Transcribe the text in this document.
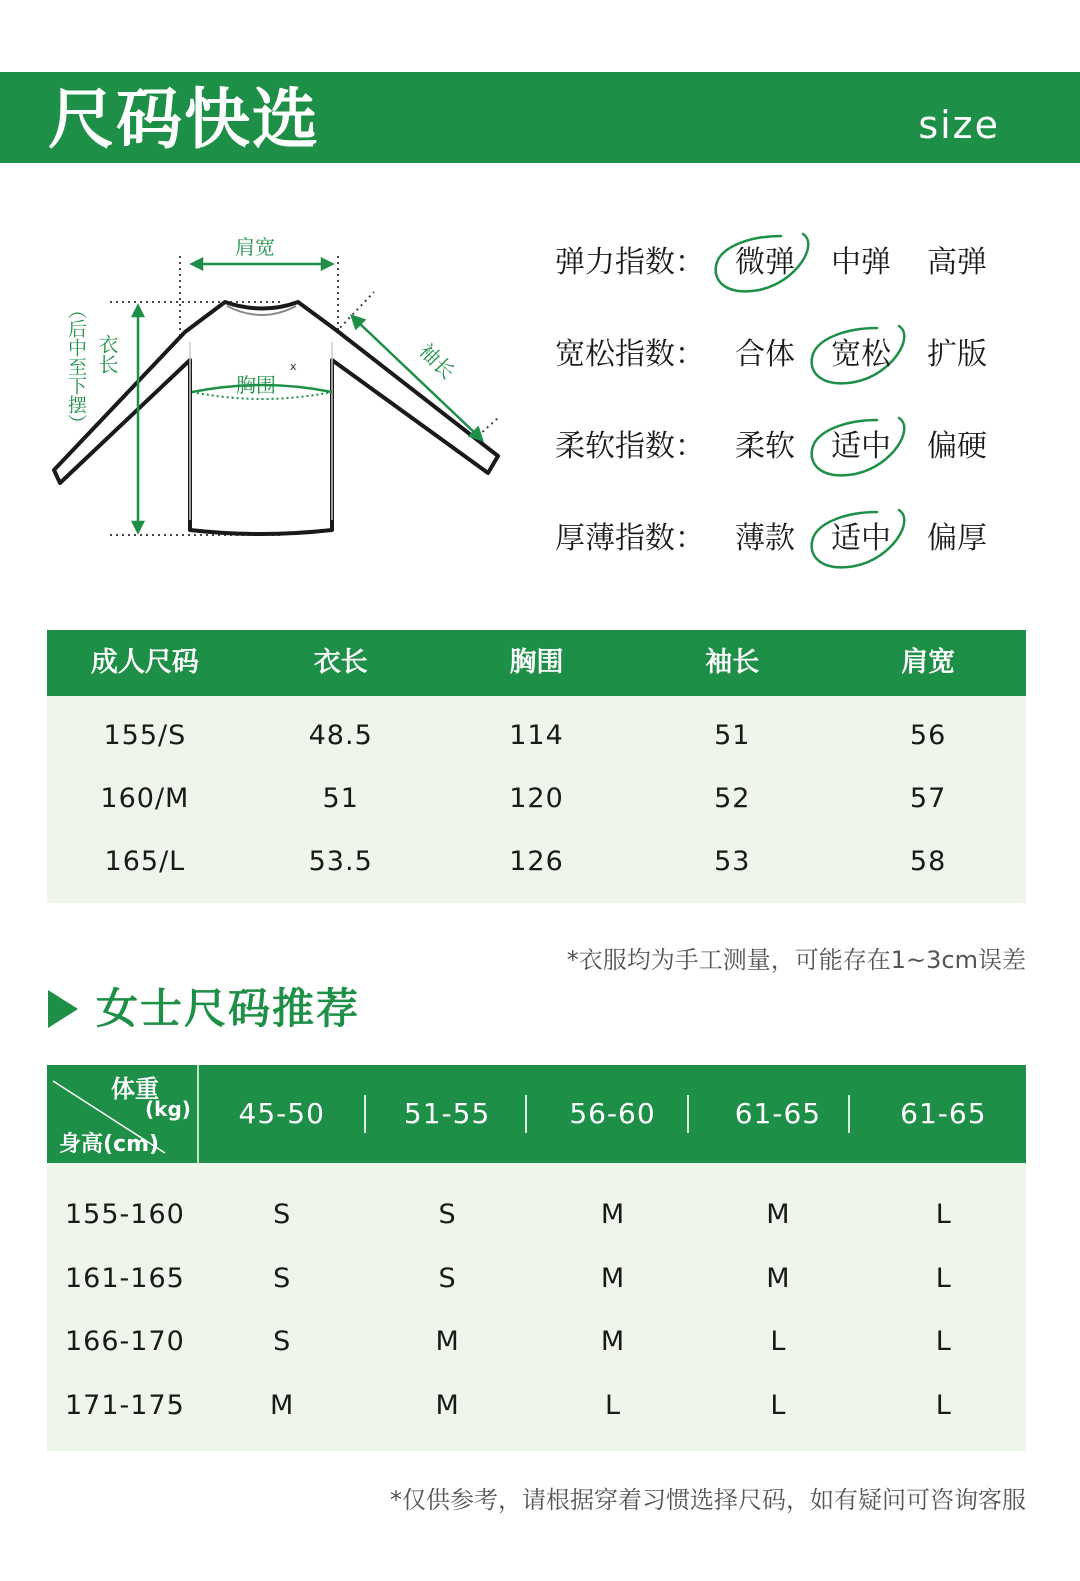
尺码快选	size
x
肩宽
胸围
衣长
（后中至下摆）	袖长
弹力指数：	微弹	中弹	高弹
宽松指数：	合体	宽松	扩版
柔软指数：	柔软	适中	偏硬
厚薄指数：	薄款	适中	偏厚
成人尺码	衣长	胸围	袖长	肩宽
155/S	48.5	114	51	56
160/M	51	120	52	57
165/L	53.5	126	53	58
*衣服均为手工测量，可能存在1~3cm误差
女士尺码推荐
体重
(kg)
身高(cm)
45-50	51-55	56-60	61-65	61-65
155-160	S	S	M	M	L
161-165	S	S	M	M	L
166-170	S	M	M	L	L
171-175	M	M	L	L	L
*仅供参考，请根据穿着习惯选择尺码，如有疑问可咨询客服
